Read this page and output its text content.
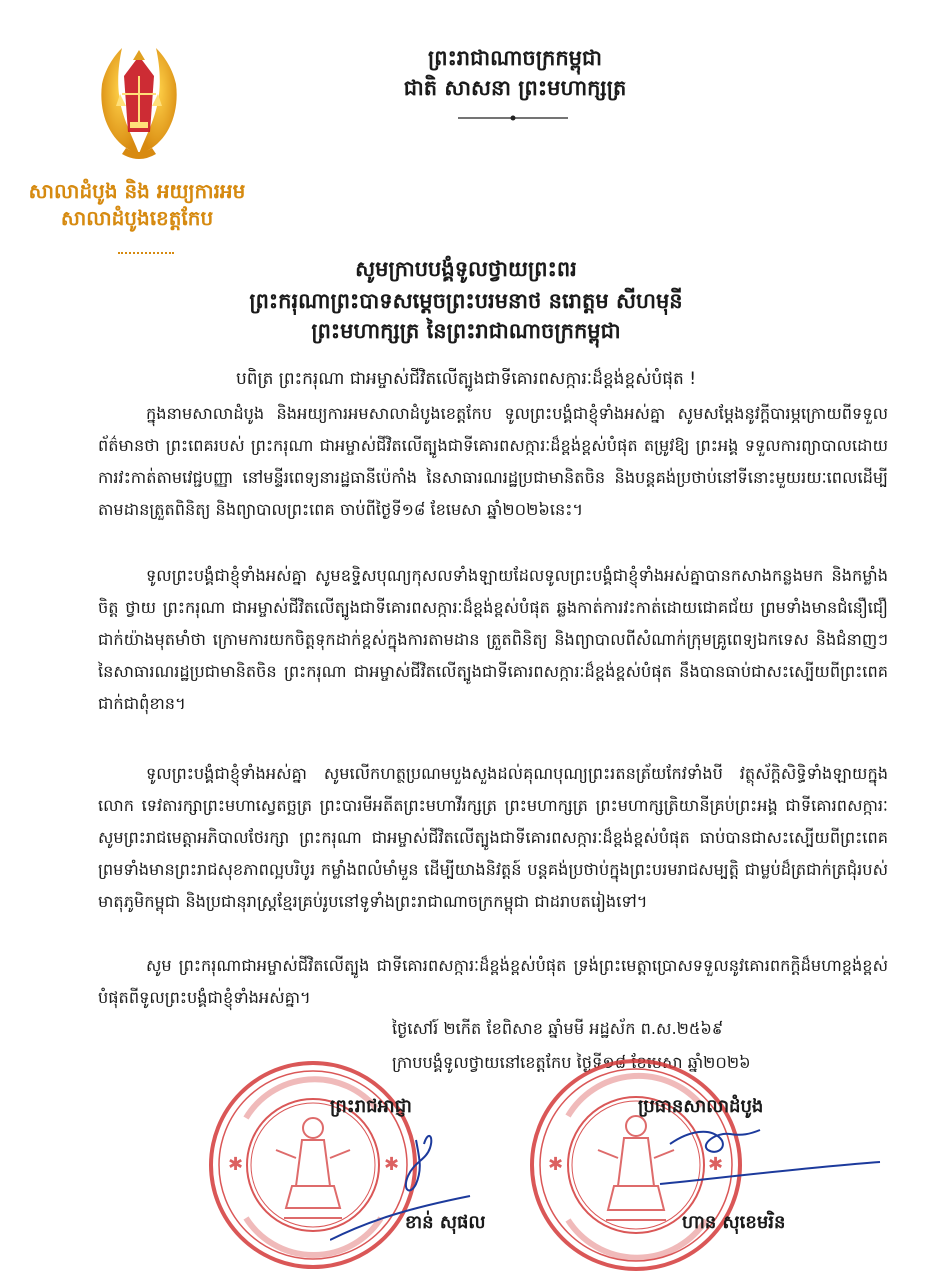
សាលាដំបូង និង អយ្យការអម
សាលាដំបូងខេត្តកែប
ព្រះរាជាណាចក្រកម្ពុជា
ជាតិ សាសនា ព្រះមហាក្សត្រ
សូមក្រាបបង្គំទូលថ្វាយព្រះពរ
ព្រះករុណាព្រះបាទសម្តេចព្រះបរមនាថ នរោត្តម សីហមុនី
ព្រះមហាក្សត្រ នៃព្រះរាជាណាចក្រកម្ពុជា
បពិត្រ ព្រះករុណា ជាអម្ចាស់ជីវិតលើត្បូងជាទីគោរពសក្ការៈដ៏ខ្ពង់ខ្ពស់បំផុត !
ក្នុងនាមសាលាដំបូង និងអយ្យការអមសាលាដំបូងខេត្តកែប ទូលព្រះបង្គំជាខ្ញុំទាំងអស់គ្នា សូមសម្តែងនូវក្តីបារម្ភក្រោយពីទទួលព័ត៌មានថា ព្រះពេគរបស់ ព្រះករុណា ជាអម្ចាស់ជីវិតលើត្បូងជាទីគោរពសក្ការៈដ៏ខ្ពង់ខ្ពស់បំផុត តម្រូវឱ្យ ព្រះអង្គ ទទួលការព្យាបាលដោយការវះកាត់តាមវេជ្ជបញ្ញា នៅមន្ទីរពេទ្យនារដ្ឋធានីប៉េកាំង នៃសាធារណរដ្ឋប្រជាមានិតចិន និងបន្តគង់ប្រថាប់នៅទីនោះមួយរយៈពេលដើម្បី តាមដានត្រួតពិនិត្យ និងព្យាបាលព្រះពេគ ចាប់ពីថ្ងៃទី១៨ ខែមេសា ឆ្នាំ២០២៦នេះ។
ទូលព្រះបង្គំជាខ្ញុំទាំងអស់គ្នា សូមឧទ្ទិសបុណ្យកុសលទាំងឡាយដែលទូលព្រះបង្គំជាខ្ញុំទាំងអស់គ្នាបានកសាងកន្លងមក និងកម្លាំងចិត្ត ថ្វាយ ព្រះករុណា ជាអម្ចាស់ជីវិតលើត្បូងជាទីគោរពសក្ការៈដ៏ខ្ពង់ខ្ពស់បំផុត ឆ្លងកាត់ការវះកាត់ដោយជោគជ័យ ព្រមទាំងមានជំនឿជឿជាក់យ៉ាងមុតមាំថា ក្រោមការយកចិត្តទុកដាក់ខ្ពស់ក្នុងការតាមដាន ត្រួតពិនិត្យ និងព្យាបាលពីសំណាក់ក្រុមគ្រូពេទ្យឯកទេស និងជំនាញៗនៃសាធារណរដ្ឋប្រជាមានិតចិន ព្រះករុណា ជាអម្ចាស់ជីវិតលើត្បូងជាទីគោរពសក្ការៈដ៏ខ្ពង់ខ្ពស់បំផុត នឹងបានធាប់ជាសះស្បើយពីព្រះពេគជាក់ជាពុំខាន។
ទូលព្រះបង្គំជាខ្ញុំទាំងអស់គ្នា សូមលើកហត្ថប្រណមបួងសួងដល់គុណបុណ្យព្រះរតនត្រ័យកែវទាំងបី វត្ថុស័ក្តិសិទ្ធិទាំងឡាយក្នុងលោក ទេវតារក្សាព្រះមហាស្វេតច្ឆត្រ ព្រះបារមីអតីតព្រះមហាវីរក្សត្រ ព្រះមហាក្សត្រ ព្រះមហាក្សត្រិយានីគ្រប់ព្រះអង្គ ជាទីគោរពសក្ការៈ សូមព្រះរាជមេត្តាអភិបាលថែរក្សា ព្រះករុណា ជាអម្ចាស់ជីវិតលើត្បូងជាទីគោរពសក្ការៈដ៏ខ្ពង់ខ្ពស់បំផុត ធាប់បានជាសះស្បើយពីព្រះពេគ ព្រមទាំងមានព្រះរាជសុខភាពល្អបរិបូរ កម្លាំងពលំមាំមួន ដើម្បីយាងនិវត្តន៍ បន្តគង់ប្រថាប់ក្នុងព្រះបរមរាជសម្បត្តិ ជាម្លប់ដ៏ត្រជាក់ត្រជុំរបស់មាតុភូមិកម្ពុជា និងប្រជានុរាស្ត្រខ្មែរគ្រប់រូបនៅទូទាំងព្រះរាជាណាចក្រកម្ពុជា ជាដរាបតរៀងទៅ។
សូម ព្រះករុណាជាអម្ចាស់ជីវិតលើត្បូង ជាទីគោរពសក្ការៈដ៏ខ្ពង់ខ្ពស់បំផុត ទ្រង់ព្រះមេត្តាប្រោសទទួលនូវគោរពកក្តិដ៏មហាខ្ពង់ខ្ពស់បំផុតពីទូលព្រះបង្គំជាខ្ញុំទាំងអស់គ្នា។
ថ្ងៃសៅរ៍ ២កើត ខែពិសាខ ឆ្នាំមមី អដ្ឋស័ក ព.ស.២៥៦៩
ក្រាបបង្គំទូលថ្វាយនៅខេត្តកែប ថ្ងៃទី១៨ ខែមេសា ឆ្នាំ២០២៦
✱	✱	✱	✱
ព្រះរាជអាជ្ញា	ប្រធានសាលាដំបូង
ខាន់ សុផល	ហាន សុខេមរិន
